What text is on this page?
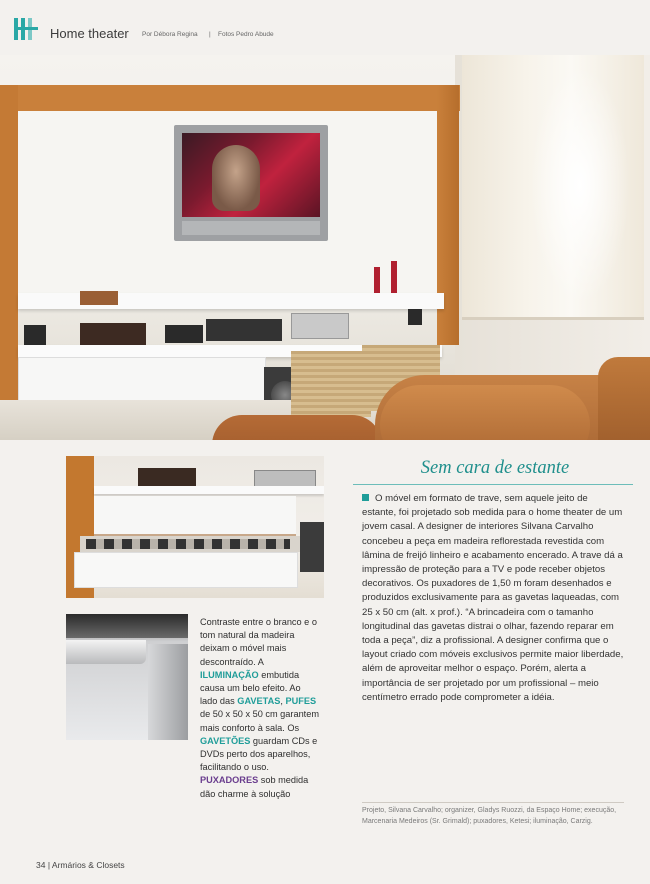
Home theater Por Débora Regina | Fotos Pedro Abude
Contraste entre o branco e o tom natural da madeira deixam o móvel mais descontraído. A ILUMINAÇÃO embutida causa um belo efeito. Ao lado das GAVETAS, PUFES de 50 x 50 x 50 cm garantem mais conforto à sala. Os GAVETÕES guardam CDs e DVDs perto dos aparelhos, facilitando o uso. PUXADORES sob medida dão charme à solução
Sem cara de estante
O móvel em formato de trave, sem aquele jeito de estante, foi projetado sob medida para o home theater de um jovem casal. A designer de interiores Silvana Carvalho concebeu a peça em madeira reflorestada revestida com lâmina de freijó linheiro e acabamento encerado. A trave dá a impressão de proteção para a TV e pode receber objetos decorativos. Os puxadores de 1,50 m foram desenhados e produzidos exclusivamente para as gavetas laqueadas, com 25 x 50 cm (alt. x prof.). “A brincadeira com o tamanho longitudinal das gavetas distrai o olhar, fazendo reparar em toda a peça”, diz a profissional. A designer confirma que o layout criado com móveis exclusivos permite maior liberdade, além de aproveitar melhor o espaço. Porém, alerta a importância de ser projetado por um profissional – meio centímetro errado pode comprometer a idéia.
Projeto, Silvana Carvalho; organizer, Gladys Ruozzi, da Espaço Home; execução, Marcenaria Medeiros (Sr. Grimald); puxadores, Ketesi; iluminação, Carzig.
34 | Armários & Closets
